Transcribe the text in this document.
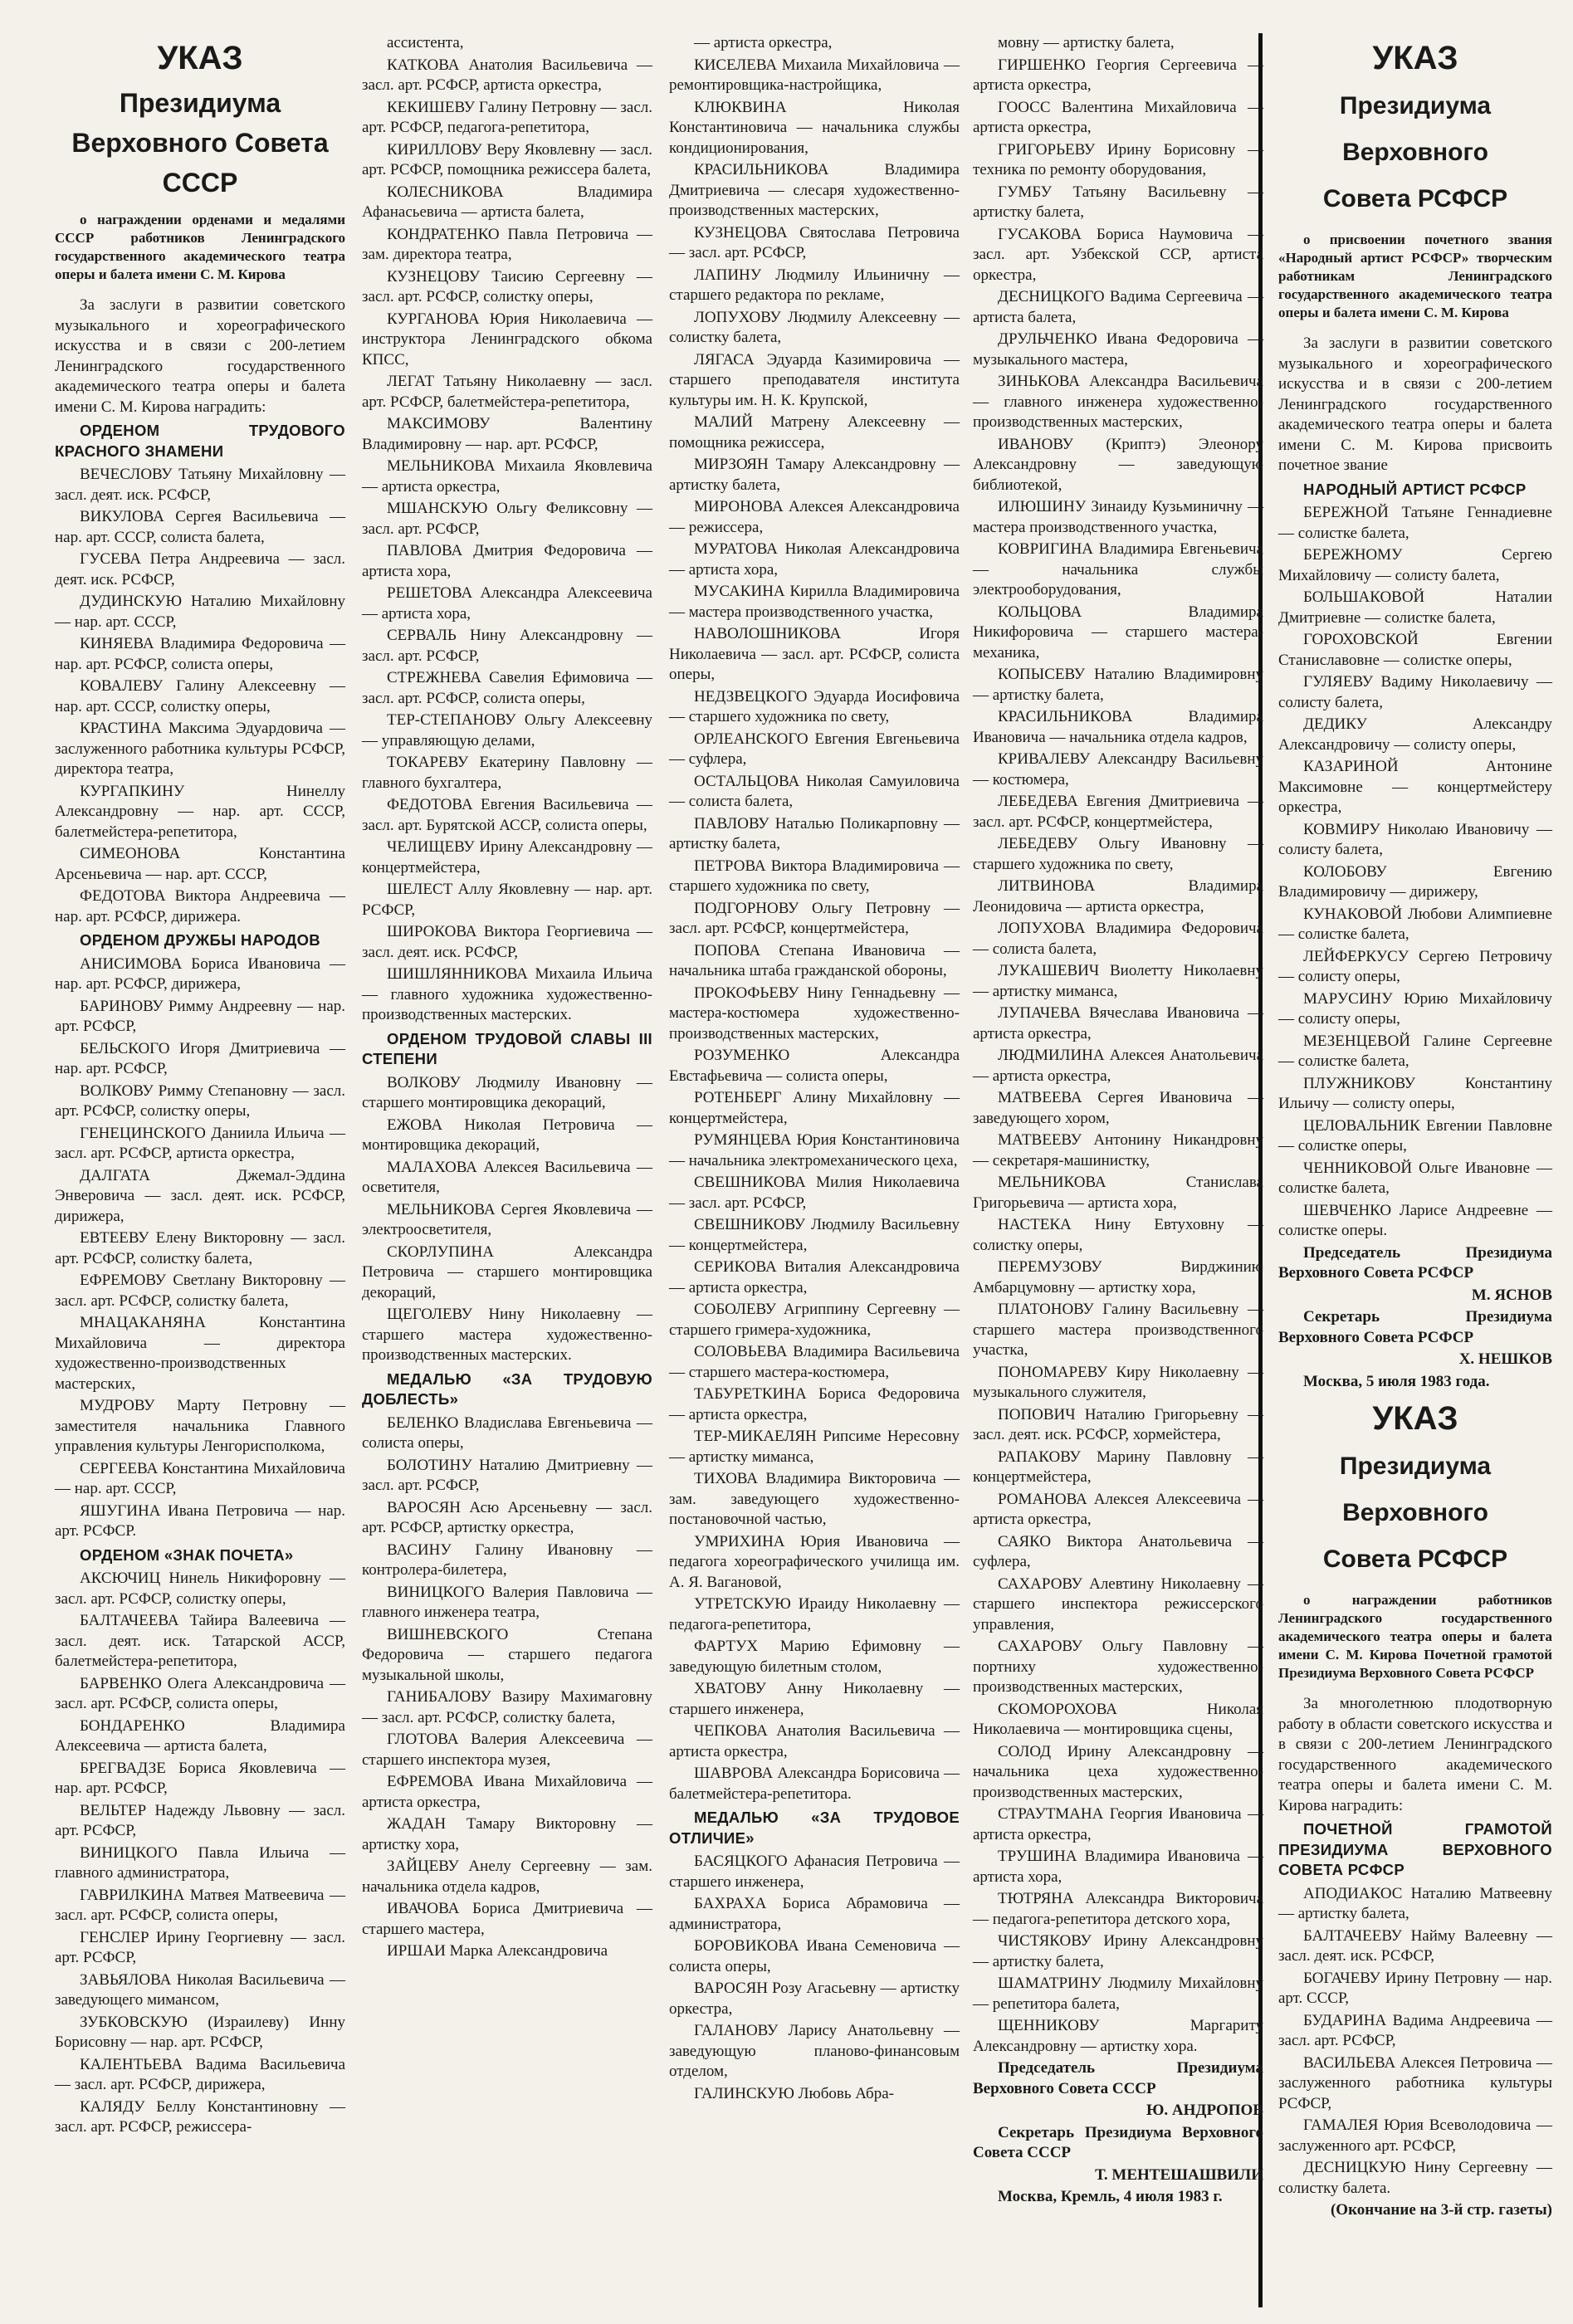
УКАЗ

Президиума Верховного Совета СССР

о награждении орденами и медалями СССР работников Ленинградского государственного академического театра оперы и балета имени С. М. Кирова

За заслуги в развитии советского музыкального и хореографического искусства и в связи с 200-летием Ленинградского государственного академического театра оперы и балета имени С. М. Кирова наградить:

ОРДЕНОМ ТРУДОВОГО КРАСНОГО ЗНАМЕНИ

ВЕЧЕСЛОВУ Татьяну Михайловну — засл. деят. иск. РСФСР,

ВИКУЛОВА Сергея Васильевича — нар. арт. СССР, солиста балета,

ГУСЕВА Петра Андреевича — засл. деят. иск. РСФСР,

ДУДИНСКУЮ Наталию Михайловну — нар. арт. СССР,

КИНЯЕВА Владимира Федоровича — нар. арт. РСФСР, солиста оперы,

КОВАЛЕВУ Галину Алексеевну — нар. арт. СССР, солистку оперы,

КРАСТИНА Максима Эдуардовича — заслуженного работника культуры РСФСР, директора театра,

КУРГАПКИНУ Нинеллу Александровну — нар. арт. СССР, балетмейстера-репетитора,

СИМЕОНОВА Константина Арсеньевича — нар. арт. СССР,

ФЕДОТОВА Виктора Андреевича — нар. арт. РСФСР, дирижера.

ОРДЕНОМ ДРУЖБЫ НАРОДОВ

АНИСИМОВА Бориса Ивановича — нар. арт. РСФСР, дирижера,

БАРИНОВУ Римму Андреевну — нар. арт. РСФСР,

БЕЛЬСКОГО Игоря Дмитриевича — нар. арт. РСФСР,

ВОЛКОВУ Римму Степановну — засл. арт. РСФСР, солистку оперы,

ГЕНЕЦИНСКОГО Даниила Ильича — засл. арт. РСФСР, артиста оркестра,

ДАЛГАТА Джемал-Эддина Энверовича — засл. деят. иск. РСФСР, дирижера,

ЕВТЕЕВУ Елену Викторовну — засл. арт. РСФСР, солистку балета,

ЕФРЕМОВУ Светлану Викторовну — засл. арт. РСФСР, солистку балета,

МНАЦАКАНЯНА Константина Михайловича — директора художественно-производственных мастерских,

МУДРОВУ Марту Петровну — заместителя начальника Главного управления культуры Ленгорисполкома,

СЕРГЕЕВА Константина Михайловича — нар. арт. СССР,

ЯШУГИНА Ивана Петровича — нар. арт. РСФСР.

ОРДЕНОМ «ЗНАК ПОЧЕТА»

АКСЮЧИЦ Нинель Никифоровну — засл. арт. РСФСР, солистку оперы,

БАЛТАЧЕЕВА Тайира Валеевича — засл. деят. иск. Татарской АССР, балетмейстера-репетитора,

БАРВЕНКО Олега Александровича — засл. арт. РСФСР, солиста оперы,

БОНДАРЕНКО Владимира Алексеевича — артиста балета,

БРЕГВАДЗЕ Бориса Яковлевича — нар. арт. РСФСР,

ВЕЛЬТЕР Надежду Львовну — засл. арт. РСФСР,

ВИНИЦКОГО Павла Ильича — главного администратора,

ГАВРИЛКИНА Матвея Матвеевича — засл. арт. РСФСР, солиста оперы,

ГЕНСЛЕР Ирину Георгиевну — засл. арт. РСФСР,

ЗАВЬЯЛОВА Николая Васильевича — заведующего мимансом,

ЗУБКОВСКУЮ (Израилеву) Инну Борисовну — нар. арт. РСФСР,

КАЛЕНТЬЕВА Вадима Васильевича — засл. арт. РСФСР, дирижера,

КАЛЯДУ Беллу Константиновну — засл. арт. РСФСР, режиссера-

ассистента,

КАТКОВА Анатолия Васильевича — засл. арт. РСФСР, артиста оркестра,

КЕКИШЕВУ Галину Петровну — засл. арт. РСФСР, педагога-репетитора,

КИРИЛЛОВУ Веру Яковлевну — засл. арт. РСФСР, помощника режиссера балета,

КОЛЕСНИКОВА Владимира Афанасьевича — артиста балета,

КОНДРАТЕНКО Павла Петровича — зам. директора театра,

КУЗНЕЦОВУ Таисию Сергеевну — засл. арт. РСФСР, солистку оперы,

КУРГАНОВА Юрия Николаевича — инструктора Ленинградского обкома КПСС,

ЛЕГАТ Татьяну Николаевну — засл. арт. РСФСР, балетмейстера-репетитора,

МАКСИМОВУ Валентину Владимировну — нар. арт. РСФСР,

МЕЛЬНИКОВА Михаила Яковлевича — артиста оркестра,

МШАНСКУЮ Ольгу Феликсовну — засл. арт. РСФСР,

ПАВЛОВА Дмитрия Федоровича — артиста хора,

РЕШЕТОВА Александра Алексеевича — артиста хора,

СЕРВАЛЬ Нину Александровну — засл. арт. РСФСР,

СТРЕЖНЕВА Савелия Ефимовича — засл. арт. РСФСР, солиста оперы,

ТЕР-СТЕПАНОВУ Ольгу Алексеевну — управляющую делами,

ТОКАРЕВУ Екатерину Павловну — главного бухгалтера,

ФЕДОТОВА Евгения Васильевича — засл. арт. Бурятской АССР, солиста оперы,

ЧЕЛИЩЕВУ Ирину Александровну — концертмейстера,

ШЕЛЕСТ Аллу Яковлевну — нар. арт. РСФСР,

ШИРОКОВА Виктора Георгиевича — засл. деят. иск. РСФСР,

ШИШЛЯННИКОВА Михаила Ильича — главного художника художественно-производственных мастерских.

ОРДЕНОМ ТРУДОВОЙ СЛАВЫ III СТЕПЕНИ

ВОЛКОВУ Людмилу Ивановну — старшего монтировщика декораций,

ЕЖОВА Николая Петровича — монтировщика декораций,

МАЛАХОВА Алексея Васильевича — осветителя,

МЕЛЬНИКОВА Сергея Яковлевича — электроосветителя,

СКОРЛУПИНА Александра Петровича — старшего монтировщика декораций,

ЩЕГОЛЕВУ Нину Николаевну — старшего мастера художественно-производственных мастерских.

МЕДАЛЬЮ «ЗА ТРУДОВУЮ ДОБЛЕСТЬ»

БЕЛЕНКО Владислава Евгеньевича — солиста оперы,

БОЛОТИНУ Наталию Дмитриевну — засл. арт. РСФСР,

ВАРОСЯН Асю Арсеньевну — засл. арт. РСФСР, артистку оркестра,

ВАСИНУ Галину Ивановну — контролера-билетера,

ВИНИЦКОГО Валерия Павловича — главного инженера театра,

ВИШНЕВСКОГО Степана Федоровича — старшего педагога музыкальной школы,

ГАНИБАЛОВУ Вазиру Махимаговну — засл. арт. РСФСР, солистку балета,

ГЛОТОВА Валерия Алексеевича — старшего инспектора музея,

ЕФРЕМОВА Ивана Михайловича — артиста оркестра,

ЖАДАН Тамару Викторовну — артистку хора,

ЗАЙЦЕВУ Анелу Сергеевну — зам. начальника отдела кадров,

ИВАЧОВА Бориса Дмитриевича — старшего мастера,

ИРШАИ Марка Александровича

— артиста оркестра,

КИСЕЛЕВА Михаила Михайловича — ремонтировщика-настройщика,

КЛЮКВИНА Николая Константиновича — начальника службы кондиционирования,

КРАСИЛЬНИКОВА Владимира Дмитриевича — слесаря художественно-производственных мастерских,

КУЗНЕЦОВА Святослава Петровича — засл. арт. РСФСР,

ЛАПИНУ Людмилу Ильиничну — старшего редактора по рекламе,

ЛОПУХОВУ Людмилу Алексеевну — солистку балета,

ЛЯГАСА Эдуарда Казимировича — старшего преподавателя института культуры им. Н. К. Крупской,

МАЛИЙ Матрену Алексеевну — помощника режиссера,

МИРЗОЯН Тамару Александровну — артистку балета,

МИРОНОВА Алексея Александровича — режиссера,

МУРАТОВА Николая Александровича — артиста хора,

МУСАКИНА Кирилла Владимировича — мастера производственного участка,

НАВОЛОШНИКОВА Игоря Николаевича — засл. арт. РСФСР, солиста оперы,

НЕДЗВЕЦКОГО Эдуарда Иосифовича — старшего художника по свету,

ОРЛЕАНСКОГО Евгения Евгеньевича — суфлера,

ОСТАЛЬЦОВА Николая Самуиловича — солиста балета,

ПАВЛОВУ Наталью Поликарповну — артистку балета,

ПЕТРОВА Виктора Владимировича — старшего художника по свету,

ПОДГОРНОВУ Ольгу Петровну — засл. арт. РСФСР, концертмейстера,

ПОПОВА Степана Ивановича — начальника штаба гражданской обороны,

ПРОКОФЬЕВУ Нину Геннадьевну — мастера-костюмера художественно-производственных мастерских,

РОЗУМЕНКО Александра Евстафьевича — солиста оперы,

РОТЕНБЕРГ Алину Михайловну — концертмейстера,

РУМЯНЦЕВА Юрия Константиновича — начальника электромеханического цеха,

СВЕШНИКОВА Милия Николаевича — засл. арт. РСФСР,

СВЕШНИКОВУ Людмилу Васильевну — концертмейстера,

СЕРИКОВА Виталия Александровича — артиста оркестра,

СОБОЛЕВУ Агриппину Сергеевну — старшего гримера-художника,

СОЛОВЬЕВА Владимира Васильевича — старшего мастера-костюмера,

ТАБУРЕТКИНА Бориса Федоровича — артиста оркестра,

ТЕР-МИКАЕЛЯН Рипсиме Нересовну — артистку миманса,

ТИХОВА Владимира Викторовича — зам. заведующего художественно-постановочной частью,

УМРИХИНА Юрия Ивановича — педагога хореографического училища им. А. Я. Вагановой,

УТРЕТСКУЮ Ираиду Николаевну — педагога-репетитора,

ФАРТУХ Марию Ефимовну — заведующую билетным столом,

ХВАТОВУ Анну Николаевну — старшего инженера,

ЧЕПКОВА Анатолия Васильевича — артиста оркестра,

ШАВРОВА Александра Борисовича — балетмейстера-репетитора.

МЕДАЛЬЮ «ЗА ТРУДОВОЕ ОТЛИЧИЕ»

БАСЯЦКОГО Афанасия Петровича — старшего инженера,

БАХРАХА Бориса Абрамовича — администратора,

БОРОВИКОВА Ивана Семеновича — солиста оперы,

ВАРОСЯН Розу Агасьевну — артистку оркестра,

ГАЛАНОВУ Ларису Анатольевну — заведующую планово-финансовым отделом,

ГАЛИНСКУЮ Любовь Абра-

мовну — артистку балета,

ГИРШЕНКО Георгия Сергеевича — артиста оркестра,

ГООСС Валентина Михайловича — артиста оркестра,

ГРИГОРЬЕВУ Ирину Борисовну — техника по ремонту оборудования,

ГУМБУ Татьяну Васильевну — артистку балета,

ГУСАКОВА Бориса Наумовича — засл. арт. Узбекской ССР, артиста оркестра,

ДЕСНИЦКОГО Вадима Сергеевича — артиста балета,

ДРУЛЬЧЕНКО Ивана Федоровича — музыкального мастера,

ЗИНЬКОВА Александра Васильевича — главного инженера художественно-производственных мастерских,

ИВАНОВУ (Криптэ) Элеонору Александровну — заведующую библиотекой,

ИЛЮШИНУ Зинаиду Кузьминичну — мастера производственного участка,

КОВРИГИНА Владимира Евгеньевича — начальника службы электрооборудования,

КОЛЬЦОВА Владимира Никифоровича — старшего мастера-механика,

КОПЫСЕВУ Наталию Владимировну — артистку балета,

КРАСИЛЬНИКОВА Владимира Ивановича — начальника отдела кадров,

КРИВАЛЕВУ Александру Васильевну — костюмера,

ЛЕБЕДЕВА Евгения Дмитриевича — засл. арт. РСФСР, концертмейстера,

ЛЕБЕДЕВУ Ольгу Ивановну — старшего художника по свету,

ЛИТВИНОВА Владимира Леонидовича — артиста оркестра,

ЛОПУХОВА Владимира Федоровича — солиста балета,

ЛУКАШЕВИЧ Виолетту Николаевну — артистку миманса,

ЛУПАЧЕВА Вячеслава Ивановича — артиста оркестра,

ЛЮДМИЛИНА Алексея Анатольевича — артиста оркестра,

МАТВЕЕВА Сергея Ивановича — заведующего хором,

МАТВЕЕВУ Антонину Никандровну — секретаря-машинистку,

МЕЛЬНИКОВА Станислава Григорьевича — артиста хора,

НАСТЕКА Нину Евтуховну — солистку оперы,

ПЕРЕМУЗОВУ Вирджинию Амбарцумовну — артистку хора,

ПЛАТОНОВУ Галину Васильевну — старшего мастера производственного участка,

ПОНОМАРЕВУ Киру Николаевну — музыкального служителя,

ПОПОВИЧ Наталию Григорьевну — засл. деят. иск. РСФСР, хормейстера,

РАПАКОВУ Марину Павловну — концертмейстера,

РОМАНОВА Алексея Алексеевича — артиста оркестра,

САЯКО Виктора Анатольевича — суфлера,

САХАРОВУ Алевтину Николаевну — старшего инспектора режиссерского управления,

САХАРОВУ Ольгу Павловну — портниху художественно-производственных мастерских,

СКОМОРОХОВА Николая Николаевича — монтировщика сцены,

СОЛОД Ирину Александровну — начальника цеха художественно-производственных мастерских,

СТРАУТМАНА Георгия Ивановича — артиста оркестра,

ТРУШИНА Владимира Ивановича — артиста хора,

ТЮТРЯНА Александра Викторовича — педагога-репетитора детского хора,

ЧИСТЯКОВУ Ирину Александровну — артистку балета,

ШАМАТРИНУ Людмилу Михайловну — репетитора балета,

ЩЕННИКОВУ Маргариту Александровну — артистку хора.

Председатель Президиума Верховного Совета СССР

Ю. АНДРОПОВ

Секретарь Президиума Верховного Совета СССР

Т. МЕНТЕШАШВИЛИ

Москва, Кремль, 4 июля 1983 г.

УКАЗ

Президиума

Верховного

Совета РСФСР

о присвоении почетного звания «Народный артист РСФСР» творческим работникам Ленинградского государственного академического театра оперы и балета имени С. М. Кирова

За заслуги в развитии советского музыкального и хореографического искусства и в связи с 200-летием Ленинградского государственного академического театра оперы и балета имени С. М. Кирова присвоить почетное звание

НАРОДНЫЙ АРТИСТ РСФСР

БЕРЕЖНОЙ Татьяне Геннадиевне — солистке балета,

БЕРЕЖНОМУ Сергею Михайловичу — солисту балета,

БОЛЬШАКОВОЙ Наталии Дмитриевне — солистке балета,

ГОРОХОВСКОЙ Евгении Станиславовне — солистке оперы,

ГУЛЯЕВУ Вадиму Николаевичу — солисту балета,

ДЕДИКУ Александру Александровичу — солисту оперы,

КАЗАРИНОЙ Антонине Максимовне — концертмейстеру оркестра,

КОВМИРУ Николаю Ивановичу — солисту балета,

КОЛОБОВУ Евгению Владимировичу — дирижеру,

КУНАКОВОЙ Любови Алимпиевне — солистке балета,

ЛЕЙФЕРКУСУ Сергею Петровичу — солисту оперы,

МАРУСИНУ Юрию Михайловичу — солисту оперы,

МЕЗЕНЦЕВОЙ Галине Сергеевне — солистке балета,

ПЛУЖНИКОВУ Константину Ильичу — солисту оперы,

ЦЕЛОВАЛЬНИК Евгении Павловне — солистке оперы,

ЧЕННИКОВОЙ Ольге Ивановне — солистке балета,

ШЕВЧЕНКО Ларисе Андреевне — солистке оперы.

Председатель Президиума Верховного Совета РСФСР

М. ЯСНОВ

Секретарь Президиума Верховного Совета РСФСР

Х. НЕШКОВ

Москва, 5 июля 1983 года.

УКАЗ

Президиума

Верховного

Совета РСФСР

о награждении работников Ленинградского государственного академического театра оперы и балета имени С. М. Кирова Почетной грамотой Президиума Верховного Совета РСФСР

За многолетнюю плодотворную работу в области советского искусства и в связи с 200-летием Ленинградского государственного академического театра оперы и балета имени С. М. Кирова наградить:

ПОЧЕТНОЙ ГРАМОТОЙ ПРЕЗИДИУМА ВЕРХОВНОГО СОВЕТА РСФСР

АПОДИАКОС Наталию Матвеевну — артистку балета,

БАЛТАЧЕЕВУ Найму Валеевну — засл. деят. иск. РСФСР,

БОГАЧЕВУ Ирину Петровну — нар. арт. СССР,

БУДАРИНА Вадима Андреевича — засл. арт. РСФСР,

ВАСИЛЬЕВА Алексея Петровича — заслуженного работника культуры РСФСР,

ГАМАЛЕЯ Юрия Всеволодовича — заслуженного арт. РСФСР,

ДЕСНИЦКУЮ Нину Сергеевну — солистку балета.

(Окончание на 3-й стр. газеты)
